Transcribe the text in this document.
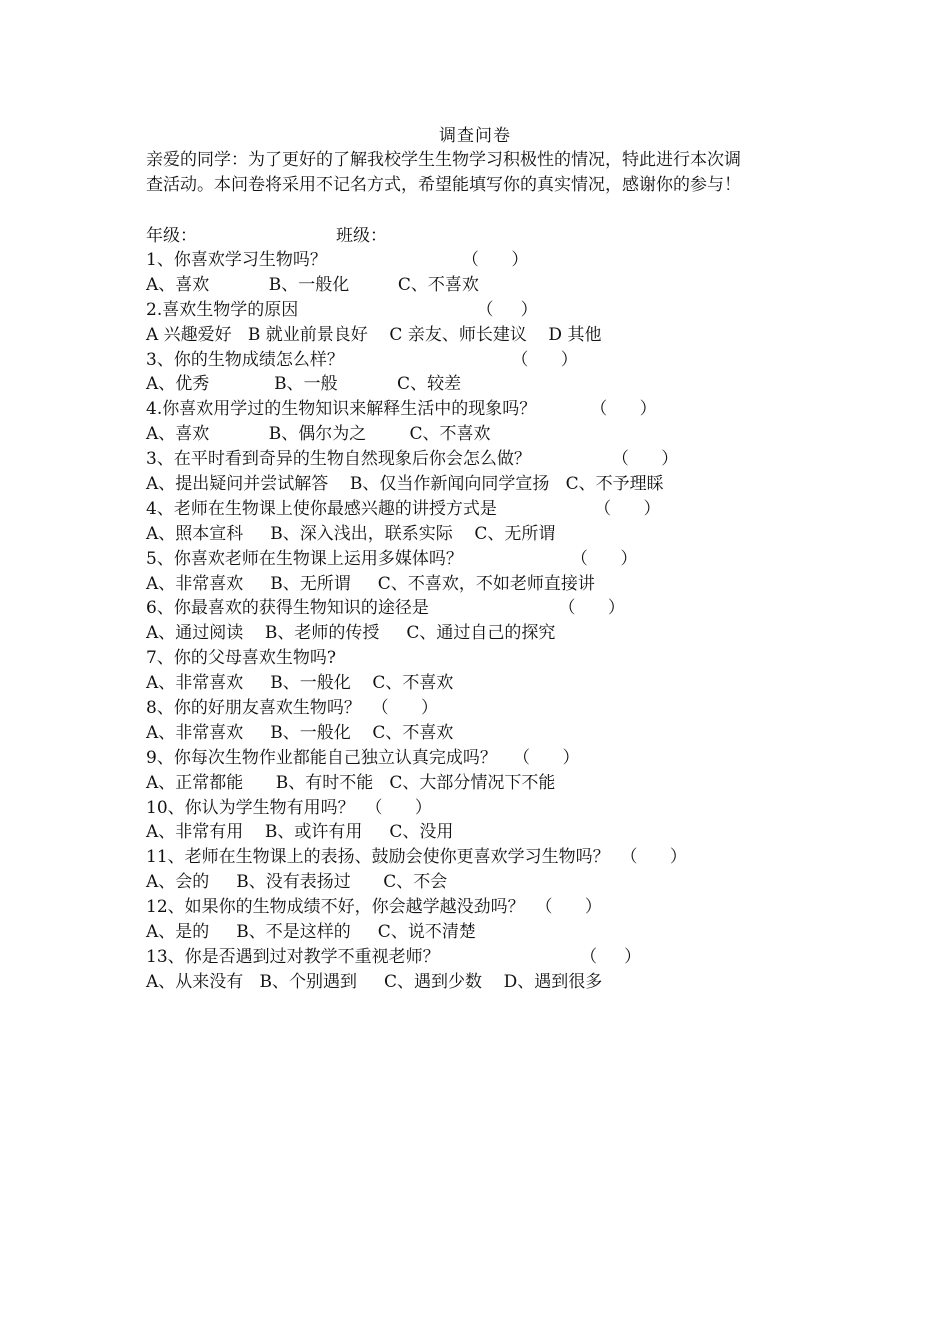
调查问卷

亲爱的同学：为了更好的了解我校学生生物学习积极性的情况，特此进行本次调

查活动。本问卷将采用不记名方式，希望能填写你的真实情况，感谢你的参与！

年级：	班级：
1、你喜欢学习生物吗？                         （      ）
A、喜欢           B、一般化         C、不喜欢
2.喜欢生物学的原因                                 （     ）
A 兴趣爱好   B 就业前景良好    C 亲友、师长建议    D 其他
3、你的生物成绩怎么样？                               （      ）
A、优秀            B、一般           C、较差
4.你喜欢用学过的生物知识来解释生活中的现象吗？          （      ）
A、喜欢           B、偶尔为之        C、不喜欢
3、在平时看到奇异的生物自然现象后你会怎么做？               （      ）
A、提出疑问并尝试解答    B、仅当作新闻向同学宣扬   C、不予理睬
4、老师在生物课上使你最感兴趣的讲授方式是                  （      ）
A、照本宣科     B、深入浅出，联系实际    C、无所谓
5、你喜欢老师在生物课上运用多媒体吗？                    （      ）
A、非常喜欢     B、无所谓     C、不喜欢，不如老师直接讲
6、你最喜欢的获得生物知识的途径是                        （      ）
A、通过阅读    B、老师的传授     C、通过自己的探究
7、你的父母喜欢生物吗?
A、非常喜欢     B、一般化    C、不喜欢
8、你的好朋友喜欢生物吗？  （      ）
A、非常喜欢     B、一般化    C、不喜欢
9、你每次生物作业都能自己独立认真完成吗？   （      ）
A、正常都能      B、有时不能   C、大部分情况下不能
10、你认为学生物有用吗？  （      ）
A、非常有用    B、或许有用     C、没用
11、老师在生物课上的表扬、鼓励会使你更喜欢学习生物吗？  （      ）
A、会的     B、没有表扬过      C、不会
12、如果你的生物成绩不好，你会越学越没劲吗？  （      ）
A、是的     B、不是这样的     C、说不清楚
13、你是否遇到过对教学不重视老师？                          （     ）
A、从来没有   B、个别遇到     C、遇到少数    D、遇到很多
